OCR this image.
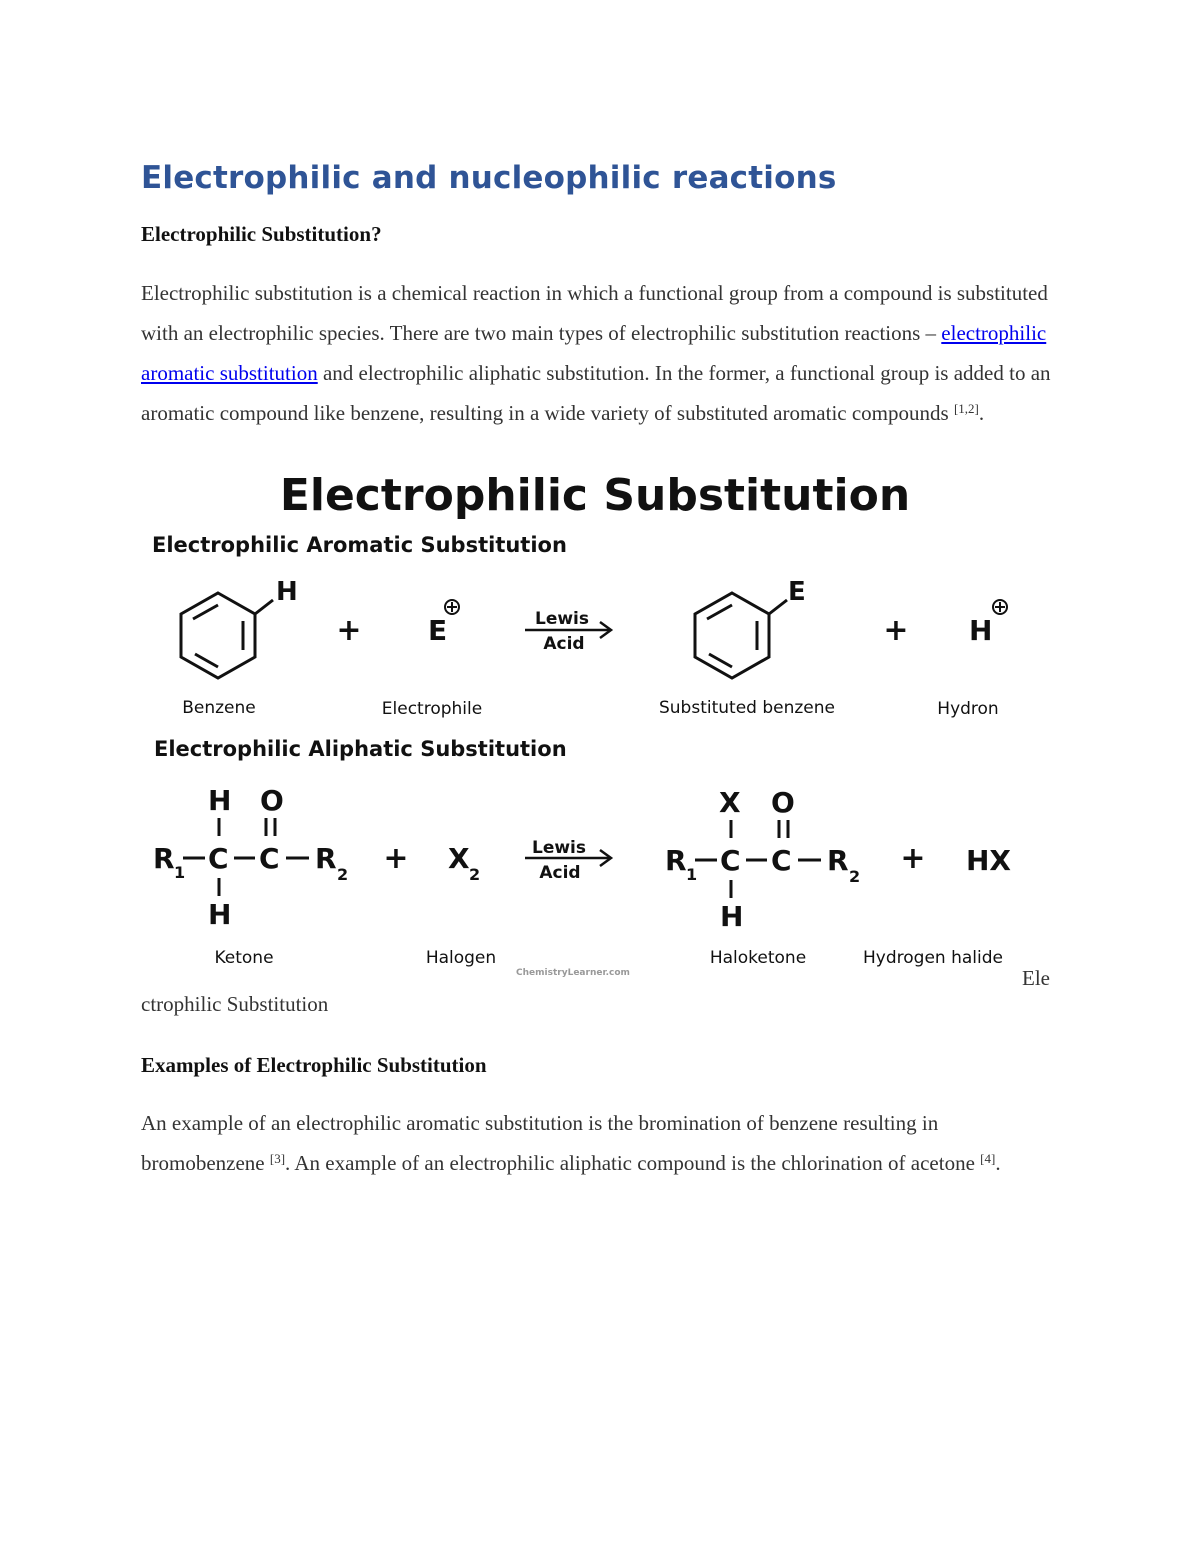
Electrophilic and nucleophilic reactions

Electrophilic Substitution?

Electrophilic substitution is a chemical reaction in which a functional group from a compound is substituted with an electrophilic species. There are two main types of electrophilic substitution reactions – electrophilic aromatic substitution and electrophilic aliphatic substitution. In the former, a functional group is added to an aromatic compound like benzene, resulting in a wide variety of substituted aromatic compounds [1,2].

Electrophilic Substitution
Electrophilic Aromatic Substitution
H
+ E	Lewis
Acid
E
+ H
Benzene	Electrophile	Substituted benzene	Hydron
Electrophilic Aliphatic Substitution
H O
R 1 C C R 2
H
+ X 2
Lewis
Acid
X O
R 1 C C R 2
H
+ HX
Ketone	Halogen	Haloketone	Hydrogen halide
ChemistryLearner.com	Ele
ctrophilic Substitution

Examples of Electrophilic Substitution

An example of an electrophilic aromatic substitution is the bromination of benzene resulting in bromobenzene [3]. An example of an electrophilic aliphatic compound is the chlorination of acetone [4].
